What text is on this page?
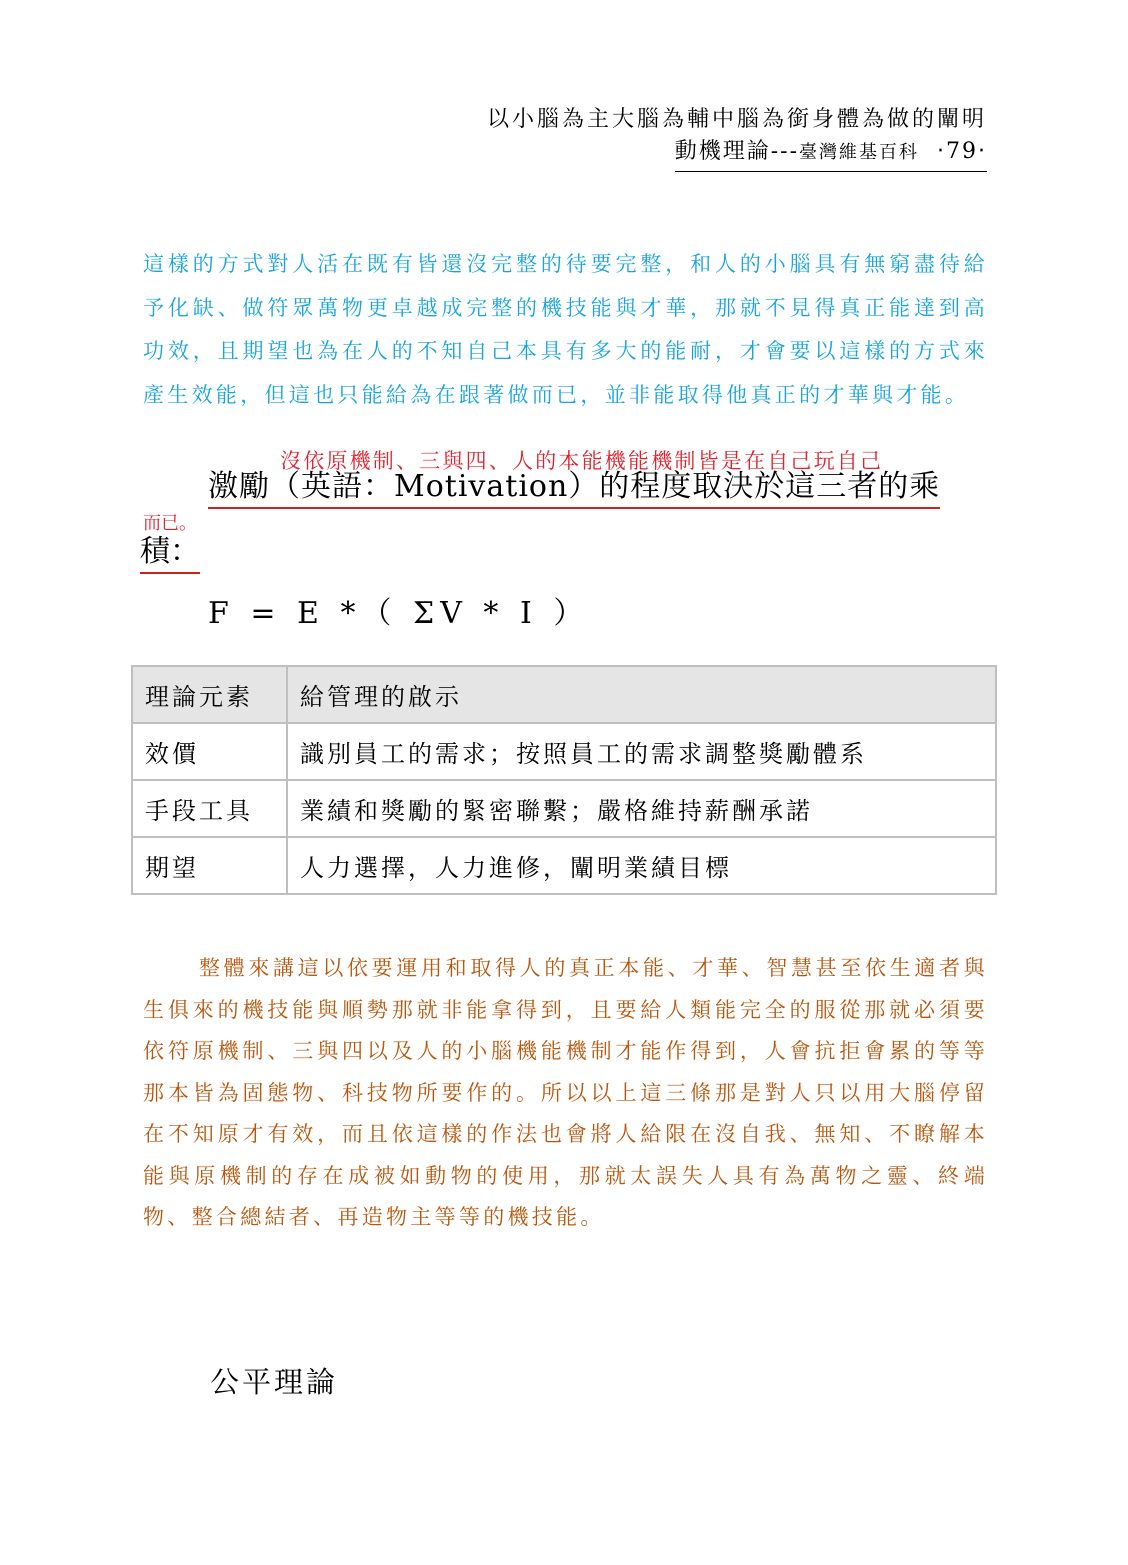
以小腦為主大腦為輔中腦為銜身體為做的闡明
動機理論---臺灣維基百科 ‧79‧
這樣的方式對人活在既有皆還沒完整的待要完整，和人的小腦具有無窮盡待給予化缺、做符眾萬物更卓越成完整的機技能與才華，那就不見得真正能達到高功效，且期望也為在人的不知自己本具有多大的能耐，才會要以這樣的方式來產生效能，但這也只能給為在跟著做而已，並非能取得他真正的才華與才能。
沒依原機制、三與四、人的本能機能機制皆是在自己玩自己
激勵（英語：Motivation）的程度取決於這三者的乘
而已。
積：
F = E *（ ΣV * I ）
理論元素	給管理的啟示
效價	識別員工的需求；按照員工的需求調整獎勵體系
手段工具	業績和獎勵的緊密聯繫；嚴格維持薪酬承諾
期望	人力選擇，人力進修，闡明業績目標
整體來講這以依要運用和取得人的真正本能、才華、智慧甚至依生適者與生俱來的機技能與順勢那就非能拿得到，且要給人類能完全的服從那就必須要依符原機制、三與四以及人的小腦機能機制才能作得到，人會抗拒會累的等等那本皆為固態物、科技物所要作的。所以以上這三條那是對人只以用大腦停留在不知原才有效，而且依這樣的作法也會將人給限在沒自我、無知、不瞭解本能與原機制的存在成被如動物的使用，那就太誤失人具有為萬物之靈、終端物、整合總結者、再造物主等等的機技能。
公平理論
